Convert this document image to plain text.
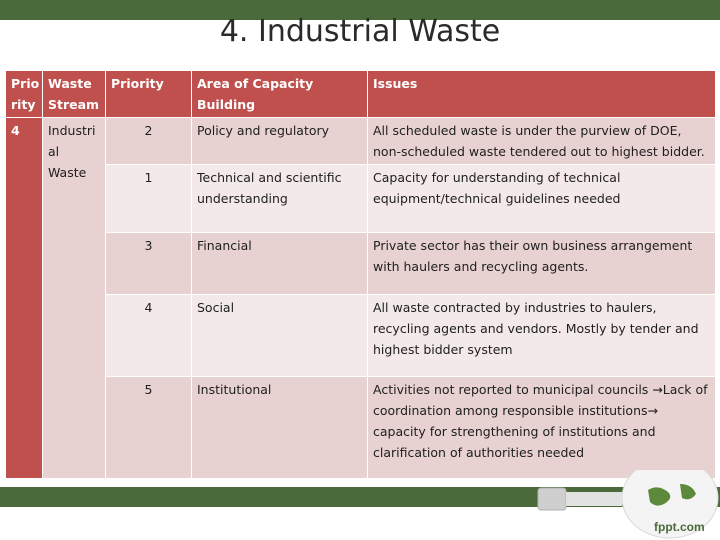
4. Industrial Waste
Prio rity	Waste Stream	Priority	Area of Capacity Building	Issues
4	Industri al Waste	2	Policy and regulatory	All scheduled waste is under the purview of DOE, non-scheduled waste tendered out to highest bidder.
		1	Technical and scientific understanding	Capacity for understanding of technical equipment/technical guidelines needed
		3	Financial	Private sector has their own business arrangement with haulers and recycling agents.
		4	Social	All waste contracted by industries to haulers, recycling agents and vendors. Mostly by tender and highest bidder system
		5	Institutional	Activities not reported to municipal councils →Lack of coordination among responsible institutions→ capacity for strengthening of institutions and clarification of authorities needed
fppt.com
